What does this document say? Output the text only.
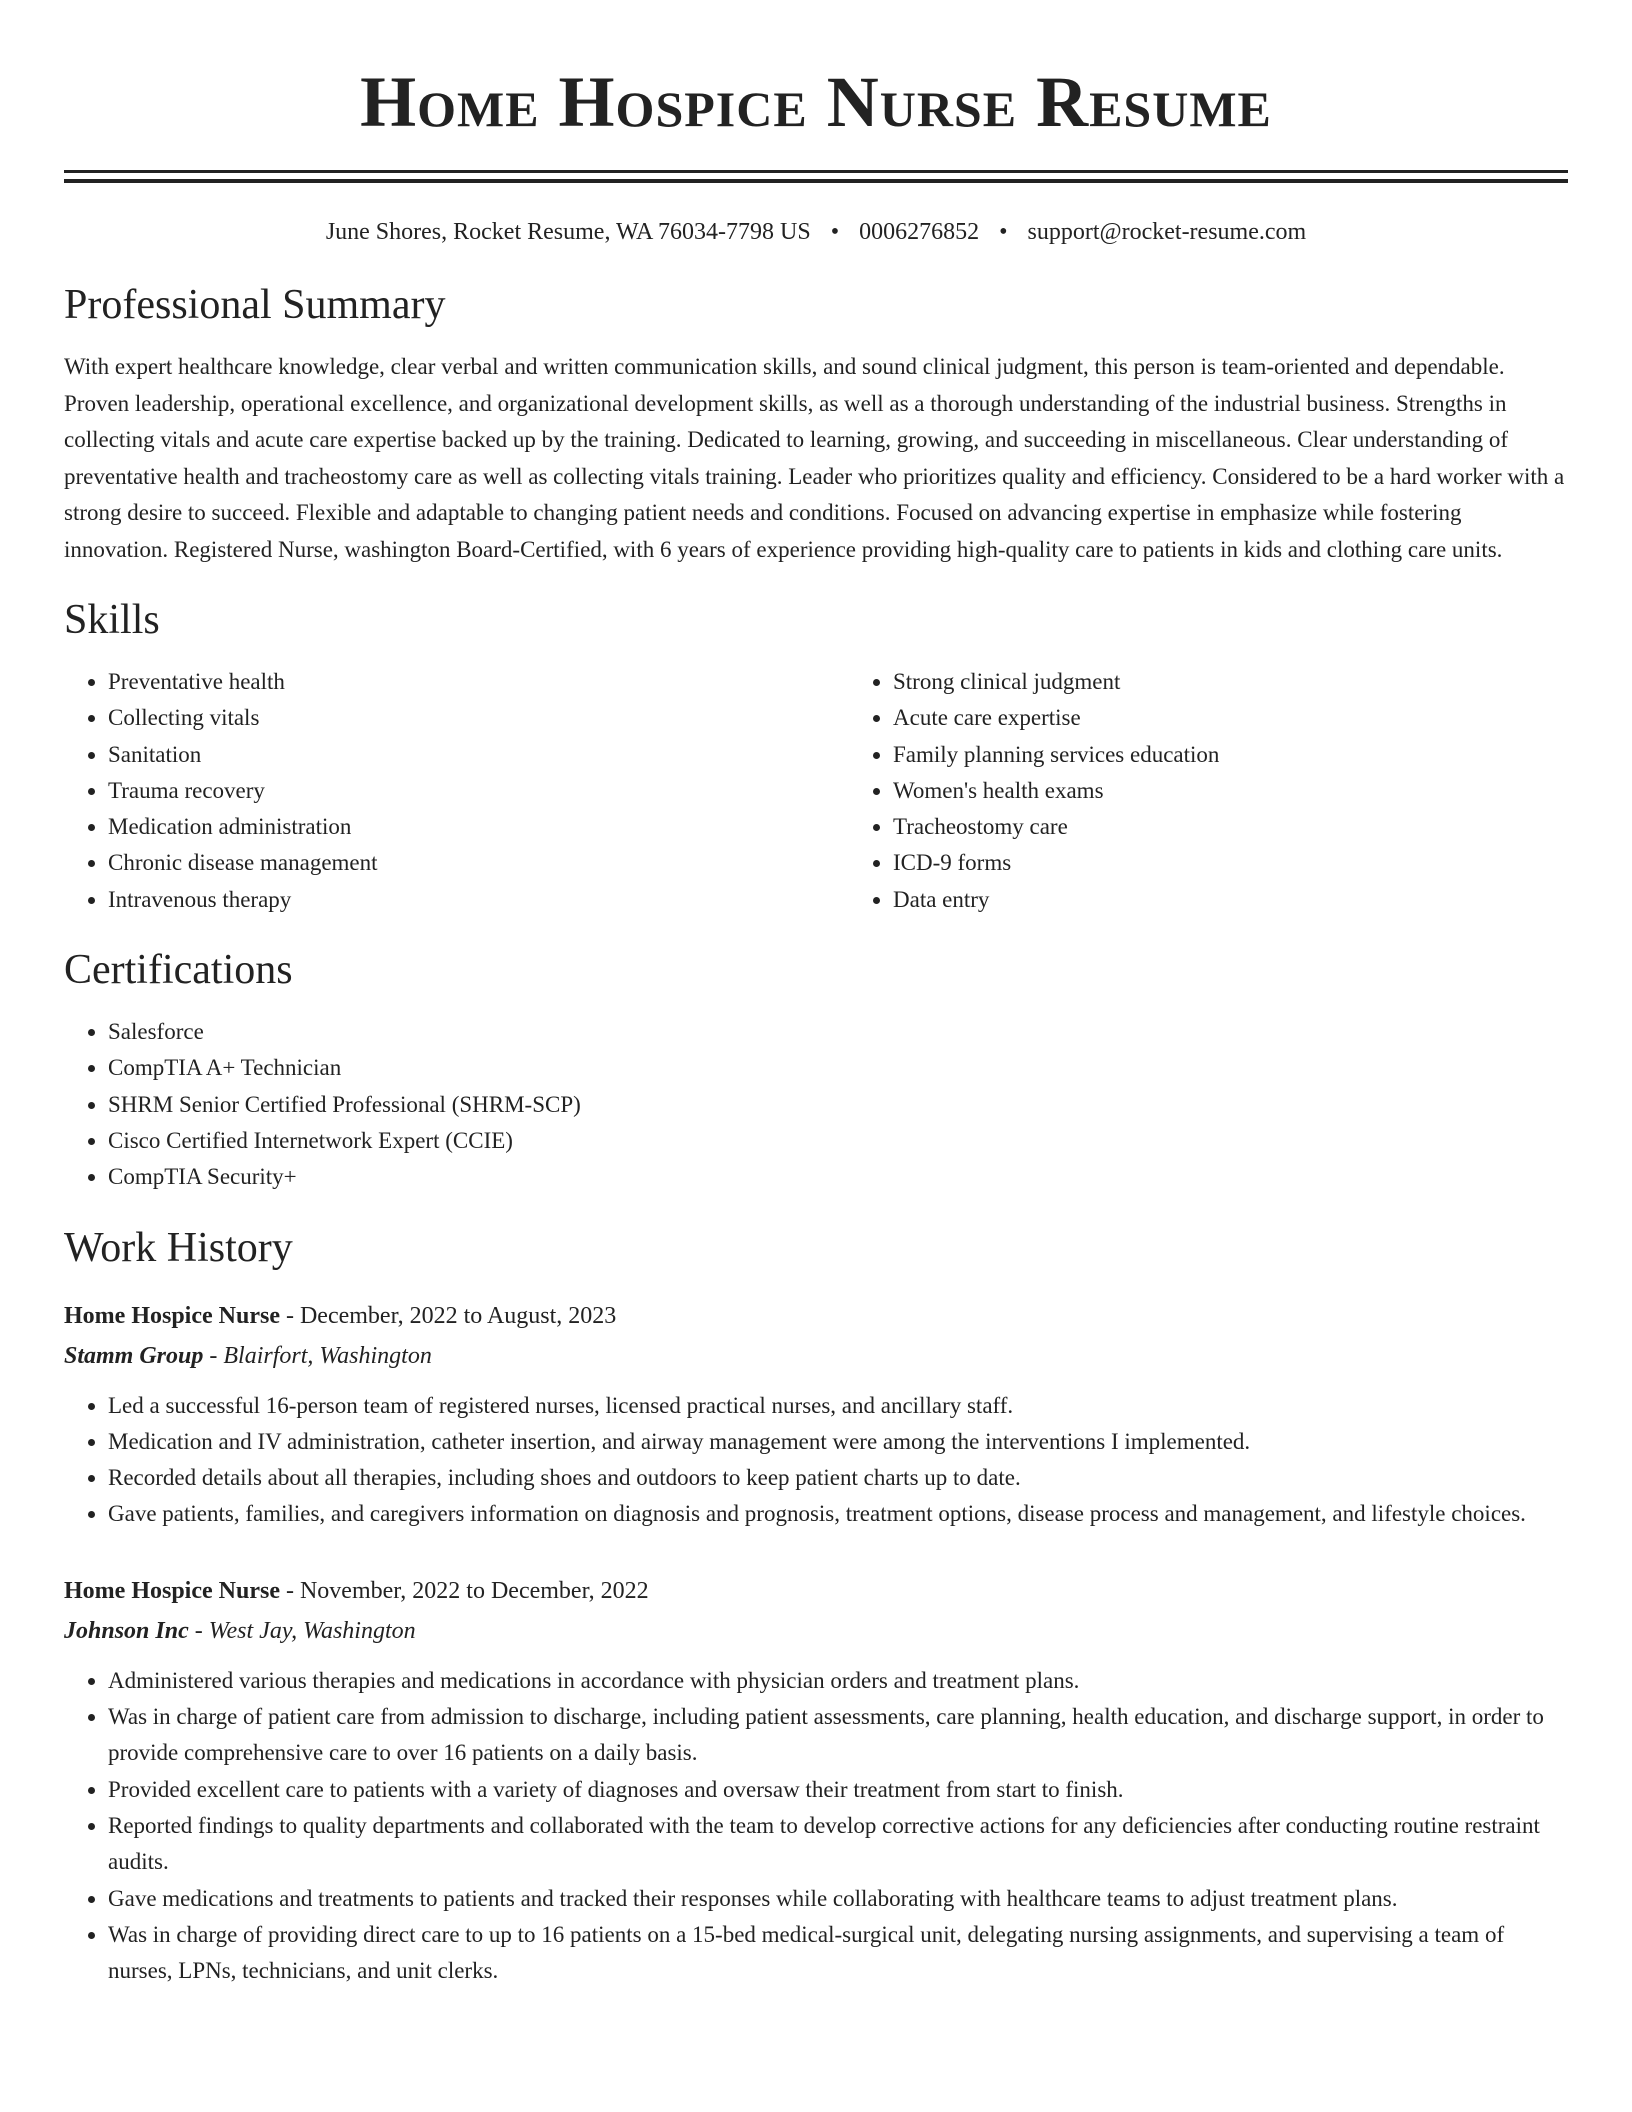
Home Hospice Nurse Resume
June Shores, Rocket Resume, WA 76034-7798 US • 0006276852 • support@rocket-resume.com
Professional Summary

With expert healthcare knowledge, clear verbal and written communication skills, and sound clinical judgment, this person is team-oriented and dependable. Proven leadership, operational excellence, and organizational development skills, as well as a thorough understanding of the industrial business. Strengths in collecting vitals and acute care expertise backed up by the training. Dedicated to learning, growing, and succeeding in miscellaneous. Clear understanding of preventative health and tracheostomy care as well as collecting vitals training. Leader who prioritizes quality and efficiency. Considered to be a hard worker with a strong desire to succeed. Flexible and adaptable to changing patient needs and conditions. Focused on advancing expertise in emphasize while fostering innovation. Registered Nurse, washington Board-Certified, with 6 years of experience providing high-quality care to patients in kids and clothing care units.

Skills
• Preventative health
• Collecting vitals
• Sanitation
• Trauma recovery
• Medication administration
• Chronic disease management
• Intravenous therapy
• Strong clinical judgment
• Acute care expertise
• Family planning services education
• Women's health exams
• Tracheostomy care
• ICD-9 forms
• Data entry
Certifications
• Salesforce
• CompTIA A+ Technician
• SHRM Senior Certified Professional (SHRM-SCP)
• Cisco Certified Internetwork Expert (CCIE)
• CompTIA Security+
Work History
Home Hospice Nurse - December, 2022 to August, 2023
Stamm Group - Blairfort, Washington
• Led a successful 16-person team of registered nurses, licensed practical nurses, and ancillary staff.
• Medication and IV administration, catheter insertion, and airway management were among the interventions I implemented.
• Recorded details about all therapies, including shoes and outdoors to keep patient charts up to date.
• Gave patients, families, and caregivers information on diagnosis and prognosis, treatment options, disease process and management, and lifestyle choices.
Home Hospice Nurse - November, 2022 to December, 2022
Johnson Inc - West Jay, Washington
• Administered various therapies and medications in accordance with physician orders and treatment plans.
• Was in charge of patient care from admission to discharge, including patient assessments, care planning, health education, and discharge support, in order to provide comprehensive care to over 16 patients on a daily basis.
• Provided excellent care to patients with a variety of diagnoses and oversaw their treatment from start to finish.
• Reported findings to quality departments and collaborated with the team to develop corrective actions for any deficiencies after conducting routine restraint audits.
• Gave medications and treatments to patients and tracked their responses while collaborating with healthcare teams to adjust treatment plans.
• Was in charge of providing direct care to up to 16 patients on a 15-bed medical-surgical unit, delegating nursing assignments, and supervising a team of nurses, LPNs, technicians, and unit clerks.
